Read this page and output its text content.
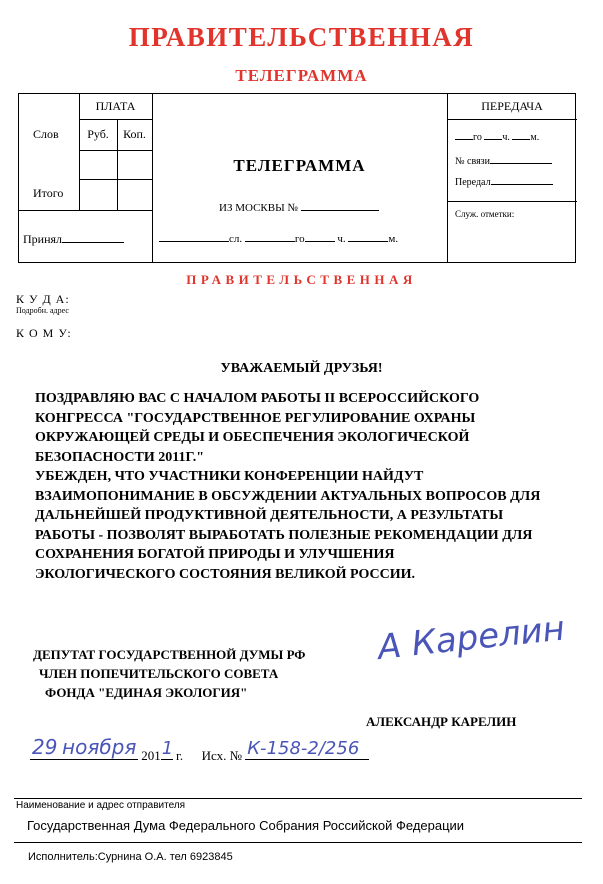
ПРАВИТЕЛЬСТВЕННАЯ
ТЕЛЕГРАММА
ПЛАТА
Слов	Руб.	Коп.
Итого
Принял
ТЕЛЕГРАММА
ИЗ МОСКВЫ №
сл.	го	ч.	м.
ПЕРЕДАЧА
го ч. м.
№ связи
Передал
Служ. отметки:
ПРАВИТЕЛЬСТВЕННАЯ
К У Д А:
Подробн. адрес
К О М У:
УВАЖАЕМЫЙ ДРУЗЬЯ!
ПОЗДРАВЛЯЮ ВАС С НАЧАЛОМ РАБОТЫ II ВСЕРОССИЙСКОГО
КОНГРЕССА "ГОСУДАРСТВЕННОЕ РЕГУЛИРОВАНИЕ ОХРАНЫ
ОКРУЖАЮЩЕЙ СРЕДЫ И ОБЕСПЕЧЕНИЯ ЭКОЛОГИЧЕСКОЙ
БЕЗОПАСНОСТИ 2011Г."
УБЕЖДЕН, ЧТО УЧАСТНИКИ КОНФЕРЕНЦИИ НАЙДУТ
ВЗАИМОПОНИМАНИЕ В ОБСУЖДЕНИИ АКТУАЛЬНЫХ ВОПРОСОВ ДЛЯ
ДАЛЬНЕЙШЕЙ ПРОДУКТИВНОЙ ДЕЯТЕЛЬНОСТИ, А РЕЗУЛЬТАТЫ
РАБОТЫ - ПОЗВОЛЯТ ВЫРАБОТАТЬ ПОЛЕЗНЫЕ РЕКОМЕНДАЦИИ ДЛЯ
СОХРАНЕНИЯ БОГАТОЙ ПРИРОДЫ И УЛУЧШЕНИЯ
ЭКОЛОГИЧЕСКОГО СОСТОЯНИЯ ВЕЛИКОЙ РОССИИ.
ДЕПУТАТ ГОСУДАРСТВЕННОЙ ДУМЫ РФ
ЧЛЕН ПОПЕЧИТЕЛЬСКОГО СОВЕТА
ФОНДА "ЕДИНАЯ ЭКОЛОГИЯ"
А Карелин
АЛЕКСАНДР КАРЕЛИН
29 ноября 201 1 г. Исх. № К-158-2/256
Наименование и адрес отправителя
Государственная Дума Федерального Собрания Российской Федерации
Исполнитель:Сурнина О.А. тел 6923845
